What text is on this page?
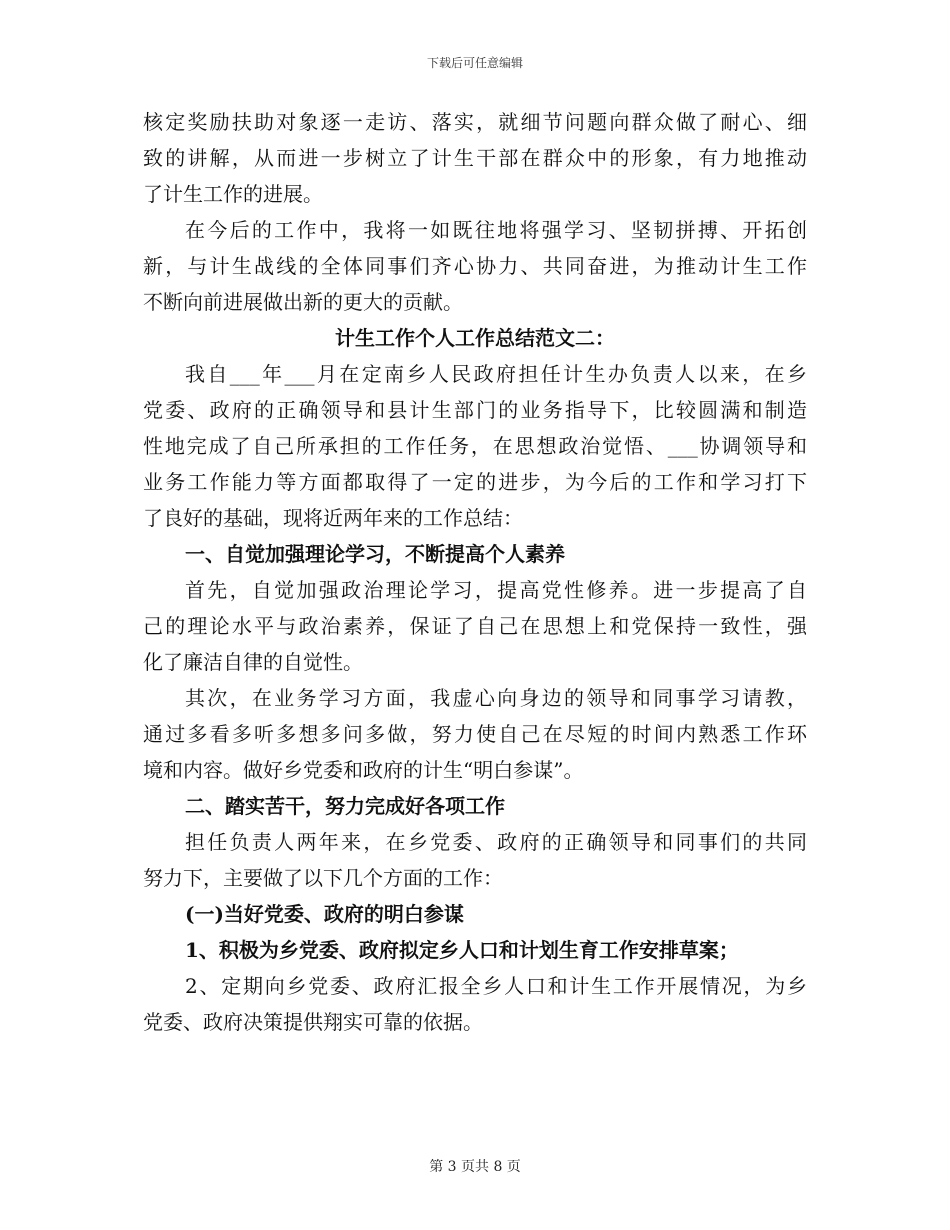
下载后可任意编辑
核定奖励扶助对象逐一走访、落实，就细节问题向群众做了耐心、细
致的讲解，从而进一步树立了计生干部在群众中的形象，有力地推动
了计生工作的进展。
在今后的工作中，我将一如既往地将强学习、坚韧拼搏、开拓创
新，与计生战线的全体同事们齐心协力、共同奋进，为推动计生工作
不断向前进展做出新的更大的贡献。
计生工作个人工作总结范文二：
我自___年___月在定南乡人民政府担任计生办负责人以来，在乡
党委、政府的正确领导和县计生部门的业务指导下，比较圆满和制造
性地完成了自己所承担的工作任务，在思想政治觉悟、___协调领导和
业务工作能力等方面都取得了一定的进步，为今后的工作和学习打下
了良好的基础，现将近两年来的工作总结：
一、自觉加强理论学习，不断提高个人素养
首先，自觉加强政治理论学习，提高党性修养。进一步提高了自
己的理论水平与政治素养，保证了自己在思想上和党保持一致性，强
化了廉洁自律的自觉性。
其次，在业务学习方面，我虚心向身边的领导和同事学习请教，
通过多看多听多想多问多做，努力使自己在尽短的时间内熟悉工作环
境和内容。做好乡党委和政府的计生“明白参谋”。
二、踏实苦干，努力完成好各项工作
担任负责人两年来，在乡党委、政府的正确领导和同事们的共同
努力下，主要做了以下几个方面的工作：
(一)当好党委、政府的明白参谋
1、积极为乡党委、政府拟定乡人口和计划生育工作安排草案；
2、定期向乡党委、政府汇报全乡人口和计生工作开展情况，为乡
党委、政府决策提供翔实可靠的依据。
第 3 页共 8 页
